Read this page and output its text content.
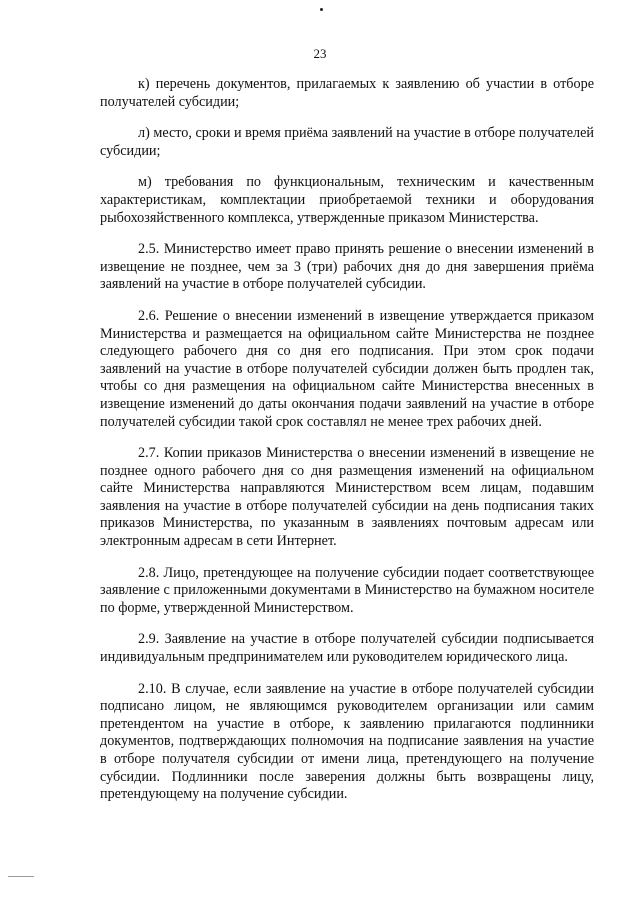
23

к) перечень документов, прилагаемых к заявлению об участии в отборе получателей субсидии;

л) место, сроки и время приёма заявлений на участие в отборе получателей субсидии;

м) требования по функциональным, техническим и качественным характеристикам, комплектации приобретаемой техники и оборудования рыбохозяйственного комплекса, утвержденные приказом Министерства.

2.5. Министерство имеет право принять решение о внесении изменений в извещение не позднее, чем за 3 (три) рабочих дня до дня завершения приёма заявлений на участие в отборе получателей субсидии.

2.6. Решение о внесении изменений в извещение утверждается приказом Министерства и размещается на официальном сайте Министерства не позднее следующего рабочего дня со дня его подписания. При этом срок подачи заявлений на участие в отборе получателей субсидии должен быть продлен так, чтобы со дня размещения на официальном сайте Министерства внесенных в извещение изменений до даты окончания подачи заявлений на участие в отборе получателей субсидии такой срок составлял не менее трех рабочих дней.

2.7. Копии приказов Министерства о внесении изменений в извещение не позднее одного рабочего дня со дня размещения изменений на официальном сайте Министерства направляются Министерством всем лицам, подавшим заявления на участие в отборе получателей субсидии на день подписания таких приказов Министерства, по указанным в заявлениях почтовым адресам или электронным адресам в сети Интернет.

2.8. Лицо, претендующее на получение субсидии подает соответствующее заявление с приложенными документами в Министерство на бумажном носителе по форме, утвержденной Министерством.

2.9. Заявление на участие в отборе получателей субсидии подписывается индивидуальным предпринимателем или руководителем юридического лица.

2.10. В случае, если заявление на участие в отборе получателей субсидии подписано лицом, не являющимся руководителем организации или самим претендентом на участие в отборе, к заявлению прилагаются подлинники документов, подтверждающих полномочия на подписание заявления на участие в отборе получателя субсидии от имени лица, претендующего на получение субсидии. Подлинники после заверения должны быть возвращены лицу, претендующему на получение субсидии.
